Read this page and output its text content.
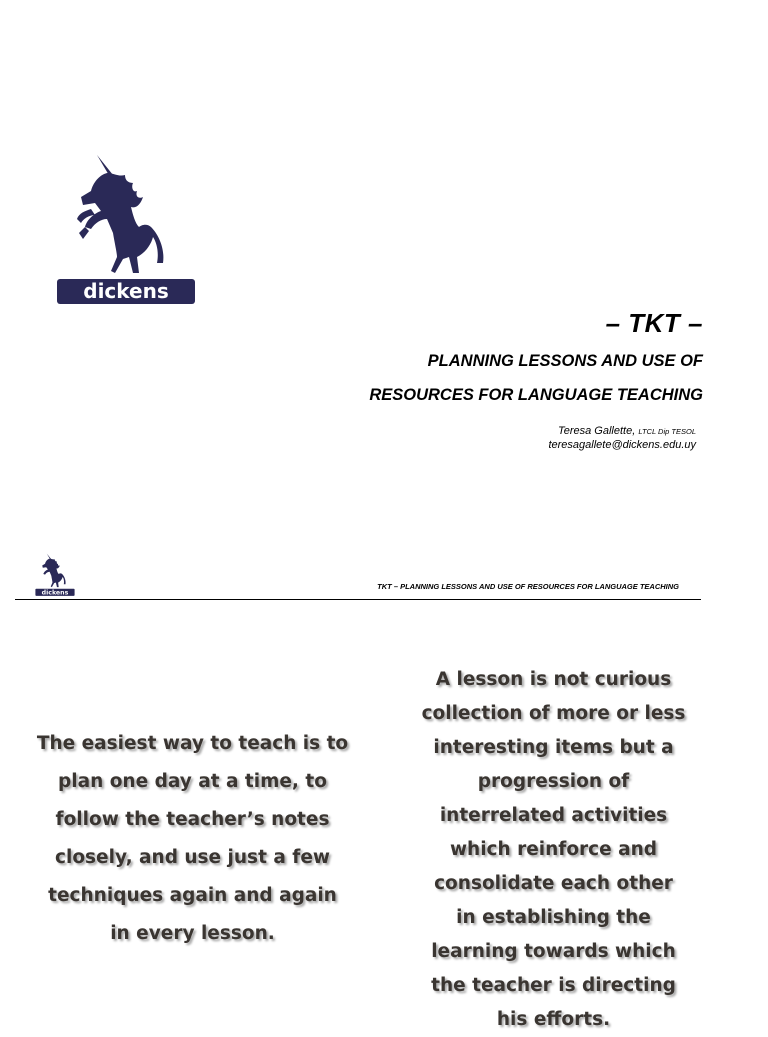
dickens
– TKT –
PLANNING LESSONS AND USE OF
RESOURCES FOR LANGUAGE TEACHING
Teresa Gallette, LTCL Dip TESOL
teresagallete@dickens.edu.uy
dickens
TKT – PLANNING LESSONS AND USE OF RESOURCES FOR LANGUAGE TEACHING
The easiest way to teach is to
plan one day at a time, to
follow the teacher’s notes
closely, and use just a few
techniques again and again
in every lesson.
A lesson is not curious
collection of more or less
interesting items but a
progression of
interrelated activities
which reinforce and
consolidate each other
in establishing the
learning towards which
the teacher is directing
his efforts.
